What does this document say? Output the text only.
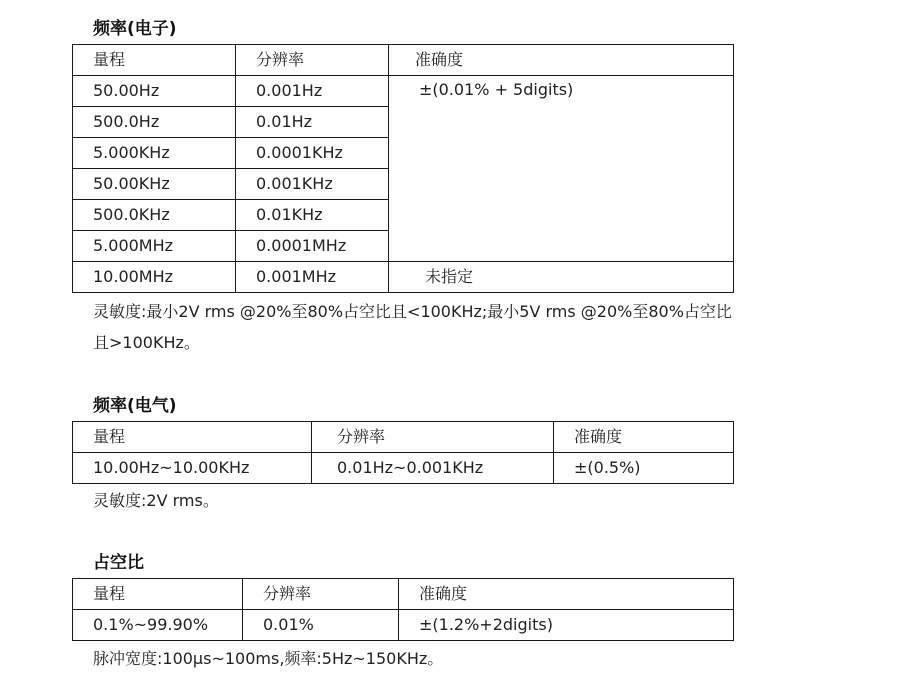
频率(电子)
量程	分辨率	准确度
50.00Hz	0.001Hz	±(0.01% + 5digits)
500.0Hz	0.01Hz	
5.000KHz	0.0001KHz	
50.00KHz	0.001KHz	
500.0KHz	0.01KHz	
5.000MHz	0.0001MHz	
10.00MHz	0.001MHz	未指定
灵敏度:最小2V rms @20%至80%占空比且<100KHz;最小5V rms @20%至80%占空比
且>100KHz。
频率(电气)
量程	分辨率	准确度
10.00Hz~10.00KHz	0.01Hz~0.001KHz	±(0.5%)
灵敏度:2V rms。
占空比
量程	分辨率	准确度
0.1%~99.90%	0.01%	±(1.2%+2digits)
脉冲宽度:100μs~100ms,频率:5Hz~150KHz。
